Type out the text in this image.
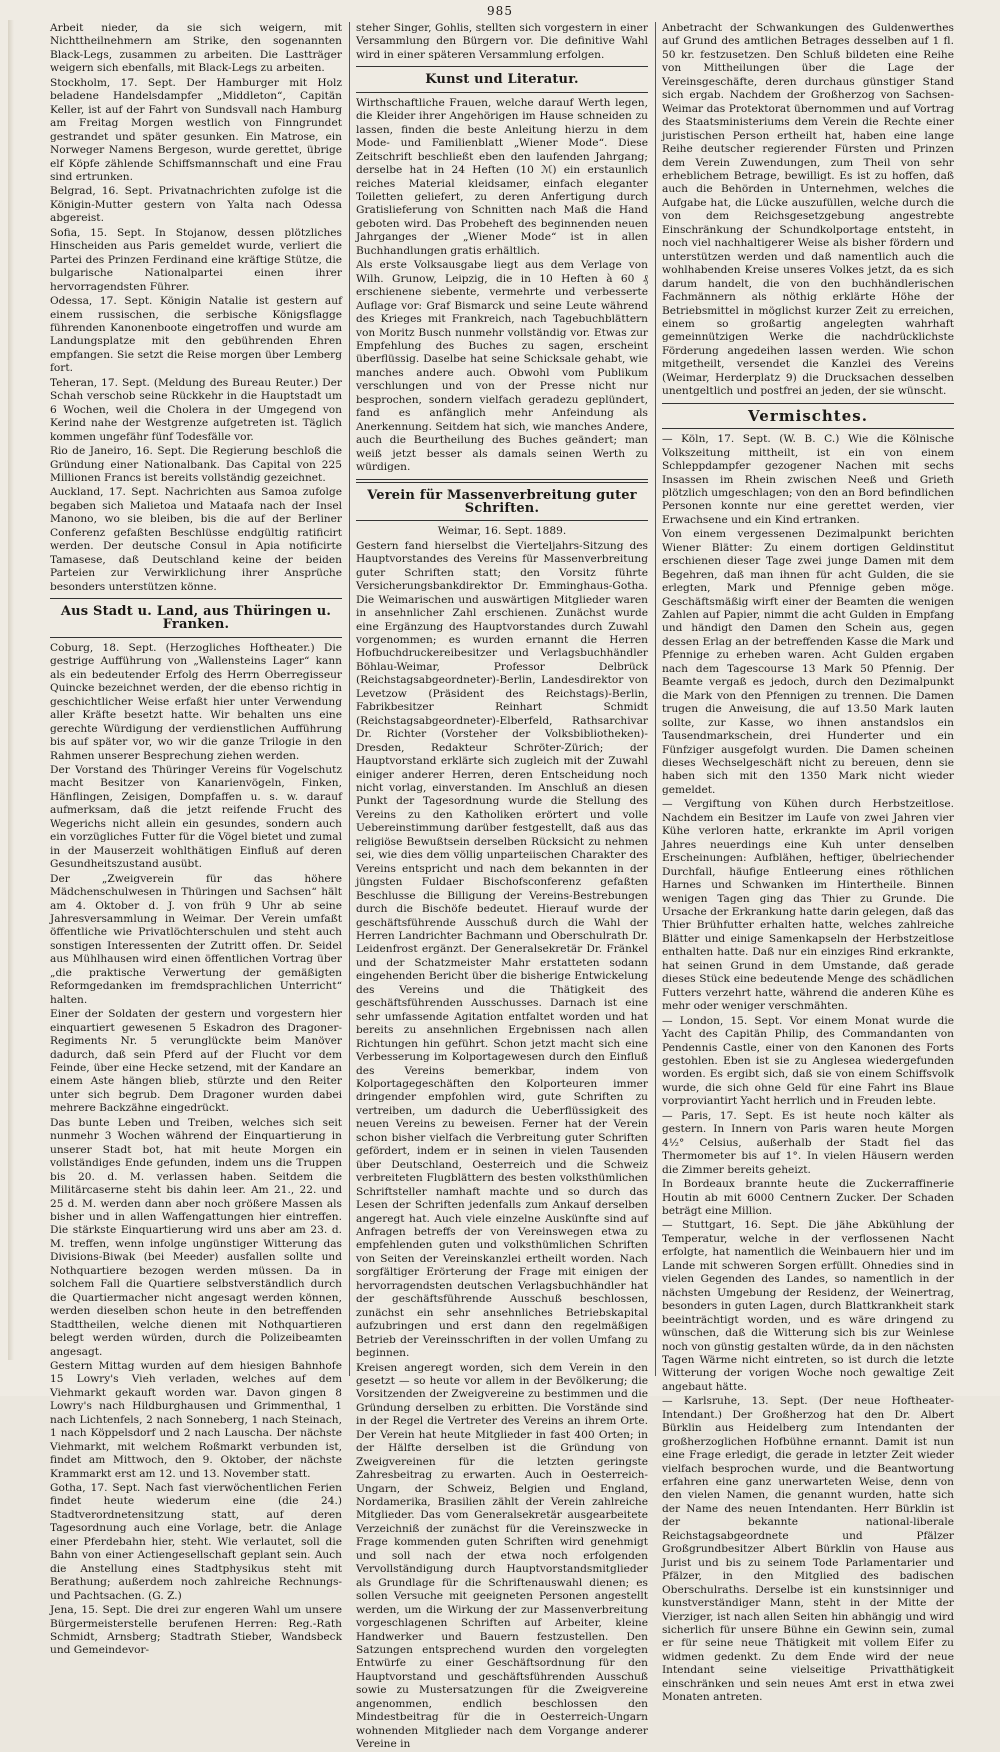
985

Arbeit nieder, da sie sich weigern, mit Nichttheilnehmern am Strike, den sogenannten Black-Legs, zusammen zu arbeiten. Die Lastträger weigern sich ebenfalls, mit Black-Legs zu arbeiten.

Stockholm, 17. Sept. Der Hamburger mit Holz beladene Handelsdampfer „Middleton“, Capitän Keller, ist auf der Fahrt von Sundsvall nach Hamburg am Freitag Morgen westlich von Finngrundet gestrandet und später gesunken. Ein Matrose, ein Norweger Namens Bergeson, wurde gerettet, übrige elf Köpfe zählende Schiffsmannschaft und eine Frau sind ertrunken.

Belgrad, 16. Sept. Privatnachrichten zufolge ist die Königin-Mutter gestern von Yalta nach Odessa abgereist.

Sofia, 15. Sept. In Stojanow, dessen plötzliches Hinscheiden aus Paris gemeldet wurde, verliert die Partei des Prinzen Ferdinand eine kräftige Stütze, die bulgarische Nationalpartei einen ihrer hervorragendsten Führer.

Odessa, 17. Sept. Königin Natalie ist gestern auf einem russischen, die serbische Königsflagge führenden Kanonenboote eingetroffen und wurde am Landungsplatze mit den gebührenden Ehren empfangen. Sie setzt die Reise morgen über Lemberg fort.

Teheran, 17. Sept. (Meldung des Bureau Reuter.) Der Schah verschob seine Rückkehr in die Hauptstadt um 6 Wochen, weil die Cholera in der Umgegend von Kerind nahe der Westgrenze aufgetreten ist. Täglich kommen ungefähr fünf Todesfälle vor.

Rio de Janeiro, 16. Sept. Die Regierung beschloß die Gründung einer Nationalbank. Das Capital von 225 Millionen Francs ist bereits vollständig gezeichnet.

Auckland, 17. Sept. Nachrichten aus Samoa zufolge begaben sich Malietoa und Mataafa nach der Insel Manono, wo sie bleiben, bis die auf der Berliner Conferenz gefaßten Beschlüsse endgültig ratificirt werden. Der deutsche Consul in Apia notificirte Tamasese, daß Deutschland keine der beiden Parteien zur Verwirklichung ihrer Ansprüche besonders unterstützen könne.

Aus Stadt u. Land, aus Thüringen u. Franken.

Coburg, 18. Sept. (Herzogliches Hoftheater.) Die gestrige Aufführung von „Wallensteins Lager“ kann als ein bedeutender Erfolg des Herrn Oberregisseur Quincke bezeichnet werden, der die ebenso richtig in geschichtlicher Weise erfaßt hier unter Verwendung aller Kräfte besetzt hatte. Wir behalten uns eine gerechte Würdigung der verdienstlichen Aufführung bis auf später vor, wo wir die ganze Trilogie in den Rahmen unserer Besprechung ziehen werden.

Der Vorstand des Thüringer Vereins für Vogelschutz macht Besitzer von Kanarienvögeln, Finken, Hänflingen, Zeisigen, Dompfaffen u. s. w. darauf aufmerksam, daß die jetzt reifende Frucht des Wegerichs nicht allein ein gesundes, sondern auch ein vorzügliches Futter für die Vögel bietet und zumal in der Mauserzeit wohlthätigen Einfluß auf deren Gesundheitszustand ausübt.

Der „Zweigverein für das höhere Mädchenschulwesen in Thüringen und Sachsen“ hält am 4. Oktober d. J. von früh 9 Uhr ab seine Jahresversammlung in Weimar. Der Verein umfaßt öffentliche wie Privatlöchterschulen und steht auch sonstigen Interessenten der Zutritt offen. Dr. Seidel aus Mühlhausen wird einen öffentlichen Vortrag über „die praktische Verwertung der gemäßigten Reformgedanken im fremdsprachlichen Unterricht“ halten.

Einer der Soldaten der gestern und vorgestern hier einquartiert gewesenen 5 Eskadron des Dragoner-Regiments Nr. 5 verunglückte beim Manöver dadurch, daß sein Pferd auf der Flucht vor dem Feinde, über eine Hecke setzend, mit der Kandare an einem Aste hängen blieb, stürzte und den Reiter unter sich begrub. Dem Dragoner wurden dabei mehrere Backzähne eingedrückt.

Das bunte Leben und Treiben, welches sich seit nunmehr 3 Wochen während der Einquartierung in unserer Stadt bot, hat mit heute Morgen ein vollständiges Ende gefunden, indem uns die Truppen bis 20. d. M. verlassen haben. Seitdem die Militärcaserne steht bis dahin leer. Am 21., 22. und 25 d. M. werden dann aber noch größere Massen als bisher und in allen Waffengattungen hier eintreffen. Die stärkste Einquartierung wird uns aber am 23. d. M. treffen, wenn infolge ungünstiger Witterung das Divisions-Biwak (bei Meeder) ausfallen sollte und Nothquartiere bezogen werden müssen. Da in solchem Fall die Quartiere selbstverständlich durch die Quartiermacher nicht angesagt werden können, werden dieselben schon heute in den betreffenden Stadttheilen, welche dienen mit Nothquartieren belegt werden würden, durch die Polizeibeamten angesagt.

Gestern Mittag wurden auf dem hiesigen Bahnhofe 15 Lowry's Vieh verladen, welches auf dem Viehmarkt gekauft worden war. Davon gingen 8 Lowry's nach Hildburghausen und Grimmenthal, 1 nach Lichtenfels, 2 nach Sonneberg, 1 nach Steinach, 1 nach Köppelsdorf und 2 nach Lauscha. Der nächste Viehmarkt, mit welchem Roßmarkt verbunden ist, findet am Mittwoch, den 9. Oktober, der nächste Krammarkt erst am 12. und 13. November statt.

Gotha, 17. Sept. Nach fast vierwöchentlichen Ferien findet heute wiederum eine (die 24.) Stadtverordnetensitzung statt, auf deren Tagesordnung auch eine Vorlage, betr. die Anlage einer Pferdebahn hier, steht. Wie verlautet, soll die Bahn von einer Actiengesellschaft geplant sein. Auch die Anstellung eines Stadtphysikus steht mit Berathung; außerdem noch zahlreiche Rechnungs- und Pachtsachen. (G. Z.)

Jena, 15. Sept. Die drei zur engeren Wahl um unsere Bürgermeisterstelle berufenen Herren: Reg.-Rath Schmidt, Arnsberg; Stadtrath Stieber, Wandsbeck und Gemeindevor-

steher Singer, Gohlis, stellten sich vorgestern in einer Versammlung den Bürgern vor. Die definitive Wahl wird in einer späteren Versammlung erfolgen.

Kunst und Literatur.

Wirthschaftliche Frauen, welche darauf Werth legen, die Kleider ihrer Angehörigen im Hause schneiden zu lassen, finden die beste Anleitung hierzu in dem Mode- und Familienblatt „Wiener Mode“. Diese Zeitschrift beschließt eben den laufenden Jahrgang; derselbe hat in 24 Heften (10 ℳ) ein erstaunlich reiches Material kleidsamer, einfach eleganter Toiletten geliefert, zu deren Anfertigung durch Gratislieferung von Schnitten nach Maß die Hand geboten wird. Das Probeheft des beginnenden neuen Jahrganges der „Wiener Mode“ ist in allen Buchhandlungen gratis erhältlich.

Als erste Volksausgabe liegt aus dem Verlage von Wilh. Grunow, Leipzig, die in 10 Heften à 60 ₰ erschienene siebente, vermehrte und verbesserte Auflage vor: Graf Bismarck und seine Leute während des Krieges mit Frankreich, nach Tagebuchblättern von Moritz Busch nunmehr vollständig vor. Etwas zur Empfehlung des Buches zu sagen, erscheint überflüssig. Daselbe hat seine Schicksale gehabt, wie manches andere auch. Obwohl vom Publikum verschlungen und von der Presse nicht nur besprochen, sondern vielfach geradezu geplündert, fand es anfänglich mehr Anfeindung als Anerkennung. Seitdem hat sich, wie manches Andere, auch die Beurtheilung des Buches geändert; man weiß jetzt besser als damals seinen Werth zu würdigen.

Verein für Massenverbreitung guter Schriften.

Weimar, 16. Sept. 1889.

Gestern fand hierselbst die Vierteljahrs-Sitzung des Hauptvorstandes des Vereins für Massenverbreitung guter Schriften statt; den Vorsitz führte Versicherungsbankdirektor Dr. Emminghaus-Gotha. Die Weimarischen und auswärtigen Mitglieder waren in ansehnlicher Zahl erschienen. Zunächst wurde eine Ergänzung des Hauptvorstandes durch Zuwahl vorgenommen; es wurden ernannt die Herren Hofbuchdruckereibesitzer und Verlagsbuchhändler Böhlau-Weimar, Professor Delbrück (Reichstagsabgeordneter)-Berlin, Landesdirektor von Levetzow (Präsident des Reichstags)-Berlin, Fabrikbesitzer Reinhart Schmidt (Reichstagsabgeordneter)-Elberfeld, Rathsarchivar Dr. Richter (Vorsteher der Volksbibliotheken)-Dresden, Redakteur Schröter-Zürich; der Hauptvorstand erklärte sich zugleich mit der Zuwahl einiger anderer Herren, deren Entscheidung noch nicht vorlag, einverstanden. Im Anschluß an diesen Punkt der Tagesordnung wurde die Stellung des Vereins zu den Katholiken erörtert und volle Uebereinstimmung darüber festgestellt, daß aus das religiöse Bewußtsein derselben Rücksicht zu nehmen sei, wie dies dem völlig unparteiischen Charakter des Vereins entspricht und nach dem bekannten in der jüngsten Fuldaer Bischofsconferenz gefaßten Beschlusse die Billigung der Vereins-Bestrebungen durch die Bischöfe bedeutet. Hierauf wurde der geschäftsführende Ausschuß durch die Wahl der Herren Landrichter Bachmann und Oberschulrath Dr. Leidenfrost ergänzt. Der Generalsekretär Dr. Fränkel und der Schatzmeister Mahr erstatteten sodann eingehenden Bericht über die bisherige Entwickelung des Vereins und die Thätigkeit des geschäftsführenden Ausschusses. Darnach ist eine sehr umfassende Agitation entfaltet worden und hat bereits zu ansehnlichen Ergebnissen nach allen Richtungen hin geführt. Schon jetzt macht sich eine Verbesserung im Kolportagewesen durch den Einfluß des Vereins bemerkbar, indem von Kolportagegeschäften den Kolporteuren immer dringender empfohlen wird, gute Schriften zu vertreiben, um dadurch die Ueberflüssigkeit des neuen Vereins zu beweisen. Ferner hat der Verein schon bisher vielfach die Verbreitung guter Schriften gefördert, indem er in seinen in vielen Tausenden über Deutschland, Oesterreich und die Schweiz verbreiteten Flugblättern des besten volksthümlichen Schriftsteller namhaft machte und so durch das Lesen der Schriften jedenfalls zum Ankauf derselben angeregt hat. Auch viele einzelne Auskünfte sind auf Anfragen betreffs der von Vereinswegen etwa zu empfehlenden guten und volksthümlichen Schriften von Seiten der Vereinskanzlei ertheilt worden. Nach sorgfältiger Erörterung der Frage mit einigen der hervorragendsten deutschen Verlagsbuchhändler hat der geschäftsführende Ausschuß beschlossen, zunächst ein sehr ansehnliches Betriebskapital aufzubringen und erst dann den regelmäßigen Betrieb der Vereinsschriften in der vollen Umfang zu beginnen.

Kreisen angeregt worden, sich dem Verein in den gesetzt — so heute vor allem in der Bevölkerung; die Vorsitzenden der Zweigvereine zu bestimmen und die Gründung derselben zu erbitten. Die Vorstände sind in der Regel die Vertreter des Vereins an ihrem Orte. Der Verein hat heute Mitglieder in fast 400 Orten; in der Hälfte derselben ist die Gründung von Zweigvereinen für die letzten geringste Zahresbeitrag zu erwarten. Auch in Oesterreich-Ungarn, der Schweiz, Belgien und England, Nordamerika, Brasilien zählt der Verein zahlreiche Mitglieder. Das vom Generalsekretär ausgearbeitete Verzeichniß der zunächst für die Vereinszwecke in Frage kommenden guten Schriften wird genehmigt und soll nach der etwa noch erfolgenden Vervollständigung durch Hauptvorstandsmitglieder als Grundlage für die Schriftenauswahl dienen; es sollen Versuche mit geeigneten Personen angestellt werden, um die Wirkung der zur Massenverbreitung vorgeschlagenen Schriften auf Arbeiter, kleine Handwerker und Bauern festzustellen. Den Satzungen entsprechend wurden den vorgelegten Entwürfe zu einer Geschäftsordnung für den Hauptvorstand und geschäftsführenden Ausschuß sowie zu Mustersatzungen für die Zweigvereine angenommen, endlich beschlossen den Mindestbeitrag für die in Oesterreich-Ungarn wohnenden Mitglieder nach dem Vorgange anderer Vereine in

Anbetracht der Schwankungen des Guldenwerthes auf Grund des amtlichen Betrages desselben auf 1 fl. 50 kr. festzusetzen. Den Schluß bildeten eine Reihe von Mittheilungen über die Lage der Vereinsgeschäfte, deren durchaus günstiger Stand sich ergab. Nachdem der Großherzog von Sachsen-Weimar das Protektorat übernommen und auf Vortrag des Staatsministeriums dem Verein die Rechte einer juristischen Person ertheilt hat, haben eine lange Reihe deutscher regierender Fürsten und Prinzen dem Verein Zuwendungen, zum Theil von sehr erheblichem Betrage, bewilligt. Es ist zu hoffen, daß auch die Behörden in Unternehmen, welches die Aufgabe hat, die Lücke auszufüllen, welche durch die von dem Reichsgesetzgebung angestrebte Einschränkung der Schundkolportage entsteht, in noch viel nachhaltigerer Weise als bisher fördern und unterstützen werden und daß namentlich auch die wohlhabenden Kreise unseres Volkes jetzt, da es sich darum handelt, die von den buchhändlerischen Fachmännern als nöthig erklärte Höhe der Betriebsmittel in möglichst kurzer Zeit zu erreichen, einem so großartig angelegten wahrhaft gemeinnützigen Werke die nachdrücklichste Förderung angedeihen lassen werden. Wie schon mitgetheilt, versendet die Kanzlei des Vereins (Weimar, Herderplatz 9) die Drucksachen desselben unentgeltlich und postfrei an jeden, der sie wünscht.

Vermischtes.

— Köln, 17. Sept. (W. B. C.) Wie die Kölnische Volkszeitung mittheilt, ist ein von einem Schleppdampfer gezogener Nachen mit sechs Insassen im Rhein zwischen Neeß und Grieth plötzlich umgeschlagen; von den an Bord befindlichen Personen konnte nur eine gerettet werden, vier Erwachsene und ein Kind ertranken.

Von einem vergessenen Dezimalpunkt berichten Wiener Blätter: Zu einem dortigen Geldinstitut erschienen dieser Tage zwei junge Damen mit dem Begehren, daß man ihnen für acht Gulden, die sie erlegten, Mark und Pfennige geben möge. Geschäftsmäßig wirft einer der Beamten die wenigen Zahlen auf Papier, nimmt die acht Gulden in Empfang und händigt den Damen den Schein aus, gegen dessen Erlag an der betreffenden Kasse die Mark und Pfennige zu erheben waren. Acht Gulden ergaben nach dem Tagescourse 13 Mark 50 Pfennig. Der Beamte vergaß es jedoch, durch den Dezimalpunkt die Mark von den Pfennigen zu trennen. Die Damen trugen die Anweisung, die auf 13.50 Mark lauten sollte, zur Kasse, wo ihnen anstandslos ein Tausendmarkschein, drei Hunderter und ein Fünfziger ausgefolgt wurden. Die Damen scheinen dieses Wechselgeschäft nicht zu bereuen, denn sie haben sich mit den 1350 Mark nicht wieder gemeldet.

— Vergiftung von Kühen durch Herbstzeitlose. Nachdem ein Besitzer im Laufe von zwei Jahren vier Kühe verloren hatte, erkrankte im April vorigen Jahres neuerdings eine Kuh unter denselben Erscheinungen: Aufblähen, heftiger, übelriechender Durchfall, häufige Entleerung eines röthlichen Harnes und Schwanken im Hintertheile. Binnen wenigen Tagen ging das Thier zu Grunde. Die Ursache der Erkrankung hatte darin gelegen, daß das Thier Brühfutter erhalten hatte, welches zahlreiche Blätter und einige Samenkapseln der Herbstzeitlose enthalten hatte. Daß nur ein einziges Rind erkrankte, hat seinen Grund in dem Umstande, daß gerade dieses Stück eine bedeutende Menge des schädlichen Futters verzehrt hatte, während die anderen Kühe es mehr oder weniger verschmähten.

— London, 15. Sept. Vor einem Monat wurde die Yacht des Capitän Philip, des Commandanten von Pendennis Castle, einer von den Kanonen des Forts gestohlen. Eben ist sie zu Anglesea wiedergefunden worden. Es ergibt sich, daß sie von einem Schiffsvolk wurde, die sich ohne Geld für eine Fahrt ins Blaue vorproviantirt Yacht herrlich und in Freuden lebte.

— Paris, 17. Sept. Es ist heute noch kälter als gestern. In Innern von Paris waren heute Morgen 4¹⁄₂° Celsius, außerhalb der Stadt fiel das Thermometer bis auf 1°. In vielen Häusern werden die Zimmer bereits geheizt.

In Bordeaux brannte heute die Zuckerraffinerie Houtin ab mit 6000 Centnern Zucker. Der Schaden beträgt eine Million.

— Stuttgart, 16. Sept. Die jähe Abkühlung der Temperatur, welche in der verflossenen Nacht erfolgte, hat namentlich die Weinbauern hier und im Lande mit schweren Sorgen erfüllt. Ohnedies sind in vielen Gegenden des Landes, so namentlich in der nächsten Umgebung der Residenz, der Weinertrag, besonders in guten Lagen, durch Blattkrankheit stark beeinträchtigt worden, und es wäre dringend zu wünschen, daß die Witterung sich bis zur Weinlese noch von günstig gestalten würde, da in den nächsten Tagen Wärme nicht eintreten, so ist durch die letzte Witterung der vorigen Woche noch gewaltige Zeit angebaut hätte.

— Karlsruhe, 13. Sept. (Der neue Hoftheater-Intendant.) Der Großherzog hat den Dr. Albert Bürklin aus Heidelberg zum Intendanten der großherzoglichen Hofbühne ernannt. Damit ist nun eine Frage erledigt, die gerade in letzter Zeit wieder vielfach besprochen wurde, und die Beantwortung erfahren eine ganz unerwarteten Weise, denn von den vielen Namen, die genannt wurden, hatte sich der Name des neuen Intendanten. Herr Bürklin ist der bekannte national-liberale Reichstagsabgeordnete und Pfälzer Großgrundbesitzer Albert Bürklin von Hause aus Jurist und bis zu seinem Tode Parlamentarier und Pfälzer, in den Mitglied des badischen Oberschulraths. Derselbe ist ein kunstsinniger und kunstverständiger Mann, steht in der Mitte der Vierziger, ist nach allen Seiten hin abhängig und wird sicherlich für unsere Bühne ein Gewinn sein, zumal er für seine neue Thätigkeit mit vollem Eifer zu widmen gedenkt. Zu dem Ende wird der neue Intendant seine vielseitige Privatthätigkeit einschränken und sein neues Amt erst in etwa zwei Monaten antreten.
